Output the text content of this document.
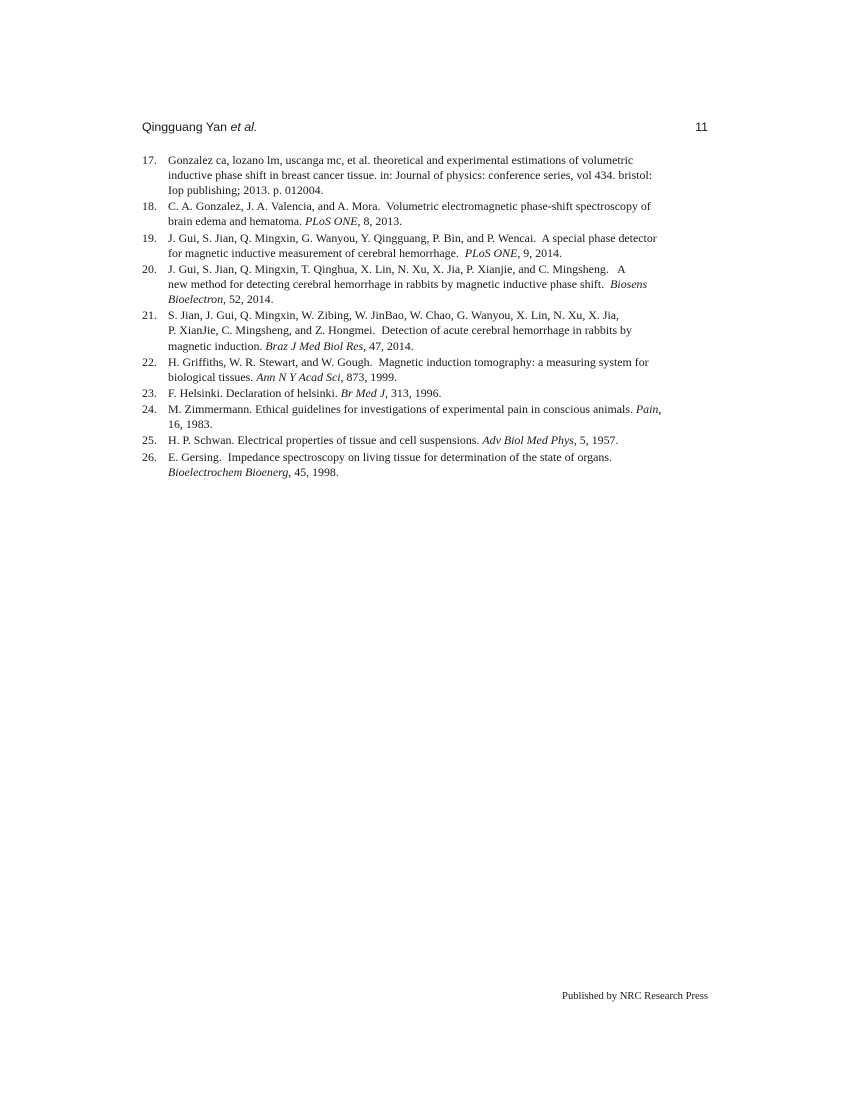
Qingguang Yan et al.	11
17. Gonzalez ca, lozano lm, uscanga mc, et al. theoretical and experimental estimations of volumetric
inductive phase shift in breast cancer tissue. in: Journal of physics: conference series, vol 434. bristol:
Iop publishing; 2013. p. 012004.
18. C. A. Gonzalez, J. A. Valencia, and A. Mora.  Volumetric electromagnetic phase-shift spectroscopy of
brain edema and hematoma. PLoS ONE, 8, 2013.
19. J. Gui, S. Jian, Q. Mingxin, G. Wanyou, Y. Qingguang, P. Bin, and P. Wencai.  A special phase detector
for magnetic inductive measurement of cerebral hemorrhage.  PLoS ONE, 9, 2014.
20. J. Gui, S. Jian, Q. Mingxin, T. Qinghua, X. Lin, N. Xu, X. Jia, P. Xianjie, and C. Mingsheng.   A
new method for detecting cerebral hemorrhage in rabbits by magnetic inductive phase shift.  Biosens
Bioelectron, 52, 2014.
21. S. Jian, J. Gui, Q. Mingxin, W. Zibing, W. JinBao, W. Chao, G. Wanyou, X. Lin, N. Xu, X. Jia,
P. XianJie, C. Mingsheng, and Z. Hongmei.  Detection of acute cerebral hemorrhage in rabbits by
magnetic induction. Braz J Med Biol Res, 47, 2014.
22. H. Griffiths, W. R. Stewart, and W. Gough.  Magnetic induction tomography: a measuring system for
biological tissues. Ann N Y Acad Sci, 873, 1999.
23. F. Helsinki. Declaration of helsinki. Br Med J, 313, 1996.
24. M. Zimmermann. Ethical guidelines for investigations of experimental pain in conscious animals. Pain,
16, 1983.
25. H. P. Schwan. Electrical properties of tissue and cell suspensions. Adv Biol Med Phys, 5, 1957.
26. E. Gersing.  Impedance spectroscopy on living tissue for determination of the state of organs.
Bioelectrochem Bioenerg, 45, 1998.
Published by NRC Research Press
